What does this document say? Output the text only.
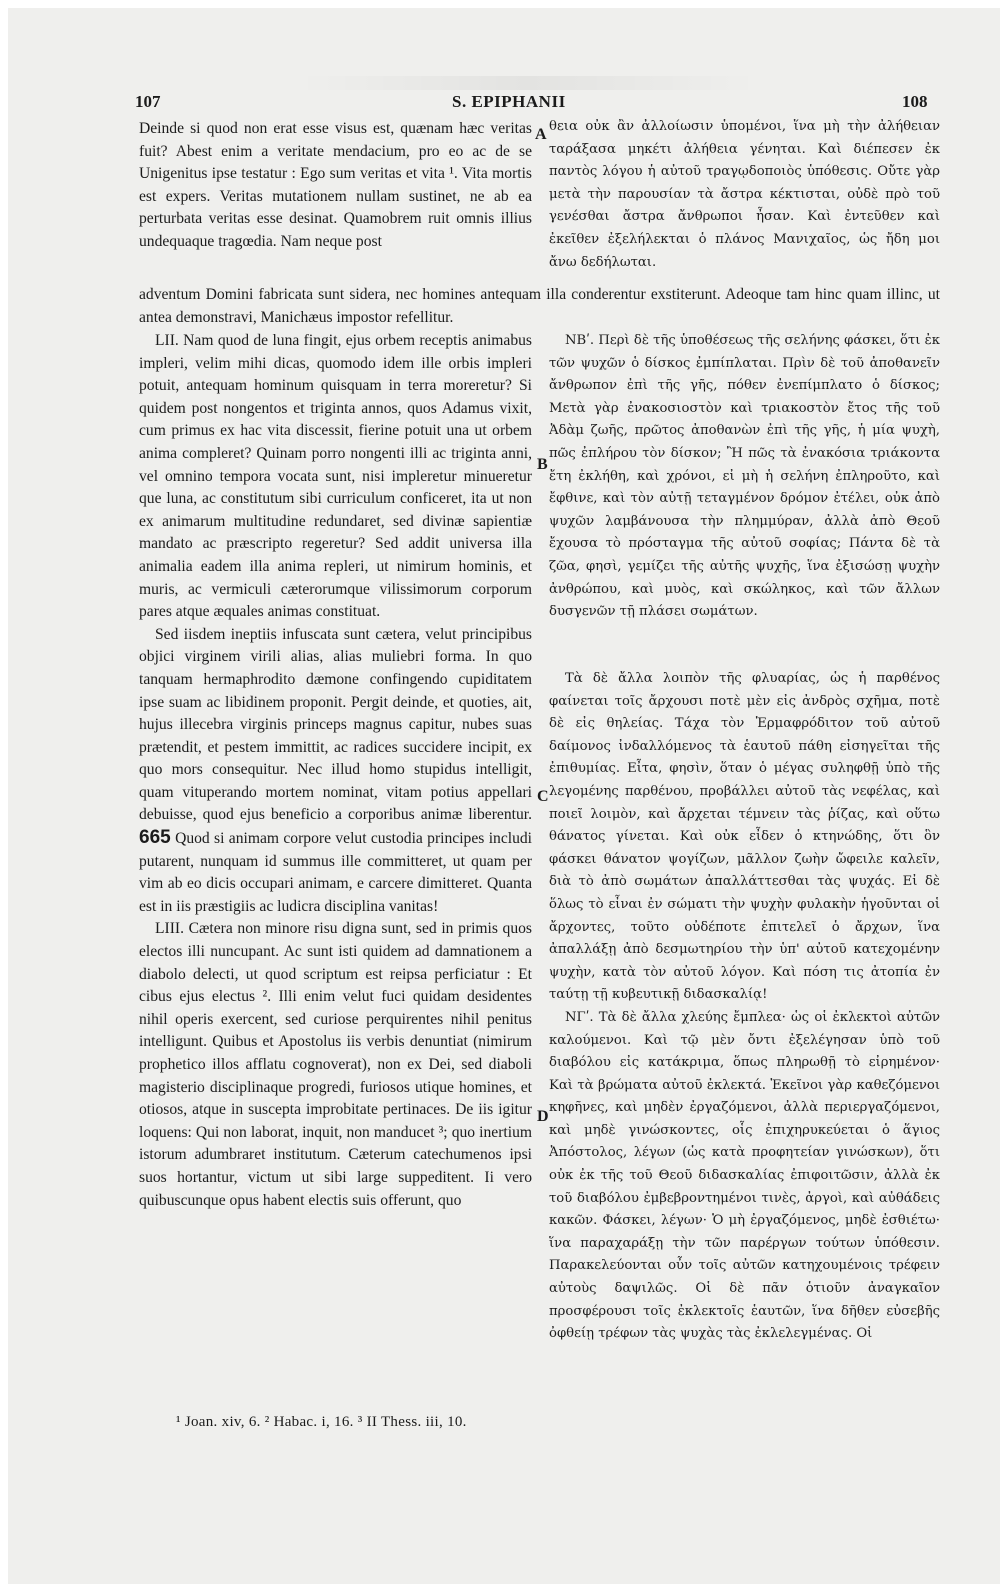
107	S. EPIPHANII	108

Deinde si quod non erat esse visus est, quænam hæc veritas fuit? Abest enim a veritate mendacium, pro eo ac de se Unigenitus ipse testatur : Ego sum veritas et vita ¹. Vita mortis est expers. Veritas mutationem nullam sustinet, ne ab ea perturbata veritas esse desinat. Quamobrem ruit omnis illius undequaque tragœdia. Nam neque post

A θεια οὐκ ἂν ἀλλοίωσιν ὑπομένοι, ἵνα μὴ τὴν ἀλήθειαν ταράξασα μηκέτι ἀλήθεια γένηται. Καὶ διέπεσεν ἐκ παντὸς λόγου ἡ αὐτοῦ τραγῳδοποιὸς ὑπόθεσις. Οὔτε γὰρ μετὰ τὴν παρουσίαν τὰ ἄστρα κέκτισται, οὐδὲ πρὸ τοῦ γενέσθαι ἄστρα ἄνθρωποι ἦσαν. Καὶ ἐντεῦθεν καὶ ἐκεῖθεν ἐξελήλεκται ὁ πλάνος Μανιχαῖος, ὡς ἤδη μοι ἄνω δεδήλωται.

adventum Domini fabricata sunt sidera, nec homines antequam illa conderentur exstiterunt. Adeoque tam hinc quam illinc, ut antea demonstravi, Manichæus impostor refellitur.

LII. Nam quod de luna fingit, ejus orbem receptis animabus impleri, velim mihi dicas, quomodo idem ille orbis impleri potuit, antequam hominum quisquam in terra moreretur? Si quidem post nongentos et triginta annos, quos Adamus vixit, cum primus ex hac vita discessit, fierine potuit una ut orbem anima compleret? Quinam porro nongenti illi ac triginta anni, vel omnino tempora vocata sunt, nisi impleretur minueretur que luna, ac constitutum sibi curriculum conficeret, ita ut non ex animarum multitudine redundaret, sed divinæ sapientiæ mandato ac præscripto regeretur? Sed addit universa illa animalia eadem illa anima repleri, ut nimirum hominis, et muris, ac vermiculi cæterorumque vilissimorum corporum pares atque æquales animas constituat.

Sed iisdem ineptiis infuscata sunt cætera, velut principibus objici virginem virili alias, alias muliebri forma. In quo tanquam hermaphrodito dæmone confingendo cupiditatem ipse suam ac libidinem proponit. Pergit deinde, et quoties, ait, hujus illecebra virginis princeps magnus capitur, nubes suas prætendit, et pestem immittit, ac radices succidere incipit, ex quo mors consequitur. Nec illud homo stupidus intelligit, quam vituperando mortem nominat, vitam potius appellari debuisse, quod ejus beneficio a corporibus animæ liberentur. 665 Quod si animam corpore velut custodia principes includi putarent, nunquam id summus ille committeret, ut quam per vim ab eo dicis occupari animam, e carcere dimitteret. Quanta est in iis præstigiis ac ludicra disciplina vanitas!

LIII. Cætera non minore risu digna sunt, sed in primis quos electos illi nuncupant. Ac sunt isti quidem ad damnationem a diabolo delecti, ut quod scriptum est reipsa perficiatur : Et cibus ejus electus ². Illi enim velut fuci quidam desidentes nihil operis exercent, sed curiose perquirentes nihil penitus intelligunt. Quibus et Apostolus iis verbis denuntiat (nimirum prophetico illos afflatu cognoverat), non ex Dei, sed diaboli magisterio disciplinaque progredi, furiosos utique homines, et otiosos, atque in suscepta improbitate pertinaces. De iis igitur loquens: Qui non laborat, inquit, non manducet ³; quo inertium istorum adumbraret institutum. Cæterum catechumenos ipsi suos hortantur, victum ut sibi large suppeditent. Ii vero quibuscunque opus habent electis suis offerunt, quo

B
C
D

ΝΒʹ. Περὶ δὲ τῆς ὑποθέσεως τῆς σελήνης φάσκει, ὅτι ἐκ τῶν ψυχῶν ὁ δίσκος ἐμπίπλαται. Πρὶν δὲ τοῦ ἀποθανεῖν ἄνθρωπον ἐπὶ τῆς γῆς, πόθεν ἐνεπίμπλατο ὁ δίσκος; Μετὰ γὰρ ἐνακοσιοστὸν καὶ τριακοστὸν ἔτος τῆς τοῦ Ἀδὰμ ζωῆς, πρῶτος ἀποθανὼν ἐπὶ τῆς γῆς, ἡ μία ψυχὴ, πῶς ἐπλήρου τὸν δίσκον; Ἢ πῶς τὰ ἐνακόσια τριάκοντα ἔτη ἐκλήθη, καὶ χρόνοι, εἰ μὴ ἡ σελήνη ἐπληροῦτο, καὶ ἔφθινε, καὶ τὸν αὐτῇ τεταγμένον δρόμον ἐτέλει, οὐκ ἀπὸ ψυχῶν λαμβάνουσα τὴν πλημμύραν, ἀλλὰ ἀπὸ Θεοῦ ἔχουσα τὸ πρόσταγμα τῆς αὐτοῦ σοφίας; Πάντα δὲ τὰ ζῶα, φησὶ, γεμίζει τῆς αὐτῆς ψυχῆς, ἵνα ἐξισώσῃ ψυχὴν ἀνθρώπου, καὶ μυὸς, καὶ σκώληκος, καὶ τῶν ἄλλων δυσγενῶν τῇ πλάσει σωμάτων.

Τὰ δὲ ἄλλα λοιπὸν τῆς φλυαρίας, ὡς ἡ παρθένος φαίνεται τοῖς ἄρχουσι ποτὲ μὲν εἰς ἀνδρὸς σχῆμα, ποτὲ δὲ εἰς θηλείας. Τάχα τὸν Ἑρμαφρόδιτον τοῦ αὐτοῦ δαίμονος ἰνδαλλόμενος τὰ ἑαυτοῦ πάθη εἰσηγεῖται τῆς ἐπιθυμίας. Εἶτα, φησὶν, ὅταν ὁ μέγας συληφθῇ ὑπὸ τῆς λεγομένης παρθένου, προβάλλει αὐτοῦ τὰς νεφέλας, καὶ ποιεῖ λοιμὸν, καὶ ἄρχεται τέμνειν τὰς ῥίζας, καὶ οὕτω θάνατος γίνεται. Καὶ οὐκ εἶδεν ὁ κτηνώδης, ὅτι ὃν φάσκει θάνατον ψογίζων, μᾶλλον ζωὴν ὤφειλε καλεῖν, διὰ τὸ ἀπὸ σωμάτων ἀπαλλάττεσθαι τὰς ψυχάς. Εἰ δὲ ὅλως τὸ εἶναι ἐν σώματι τὴν ψυχὴν φυλακὴν ἡγοῦνται οἱ ἄρχοντες, τοῦτο οὐδέποτε ἐπιτελεῖ ὁ ἄρχων, ἵνα ἀπαλλάξῃ ἀπὸ δεσμωτηρίου τὴν ὑπ' αὐτοῦ κατεχομένην ψυχὴν, κατὰ τὸν αὐτοῦ λόγον. Καὶ πόση τις ἀτοπία ἐν ταύτῃ τῇ κυβευτικῇ διδασκαλίᾳ!

ΝΓʹ. Τὰ δὲ ἄλλα χλεύης ἔμπλεα· ὡς οἱ ἐκλεκτοὶ αὐτῶν καλούμενοι. Καὶ τῷ μὲν ὄντι ἐξελέγησαν ὑπὸ τοῦ διαβόλου εἰς κατάκριμα, ὅπως πληρωθῇ τὸ εἰρημένον· Καὶ τὰ βρώματα αὐτοῦ ἐκλεκτά. Ἐκεῖνοι γὰρ καθεζόμενοι κηφῆνες, καὶ μηδὲν ἐργαζόμενοι, ἀλλὰ περιεργαζόμενοι, καὶ μηδὲ γινώσκοντες, οἷς ἐπιχηρυκεύεται ὁ ἅγιος Ἀπόστολος, λέγων (ὡς κατὰ προφητείαν γινώσκων), ὅτι οὐκ ἐκ τῆς τοῦ Θεοῦ διδασκαλίας ἐπιφοιτῶσιν, ἀλλὰ ἐκ τοῦ διαβόλου ἐμβεβροντημένοι τινὲς, ἀργοὶ, καὶ αὐθάδεις κακῶν. Φάσκει, λέγων· Ὁ μὴ ἐργαζόμενος, μηδὲ ἐσθιέτω· ἵνα παραχαράξῃ τὴν τῶν παρέργων τούτων ὑπόθεσιν. Παρακελεύονται οὖν τοῖς αὐτῶν κατηχουμένοις τρέφειν αὐτοὺς δαψιλῶς. Οἱ δὲ πᾶν ὁτιοῦν ἀναγκαῖον προσφέρουσι τοῖς ἐκλεκτοῖς ἑαυτῶν, ἵνα δῆθεν εὐσεβῆς ὀφθείῃ τρέφων τὰς ψυχὰς τὰς ἐκλελεγμένας. Οἱ

¹ Joan. xiv, 6. ² Habac. i, 16. ³ II Thess. iii, 10.
